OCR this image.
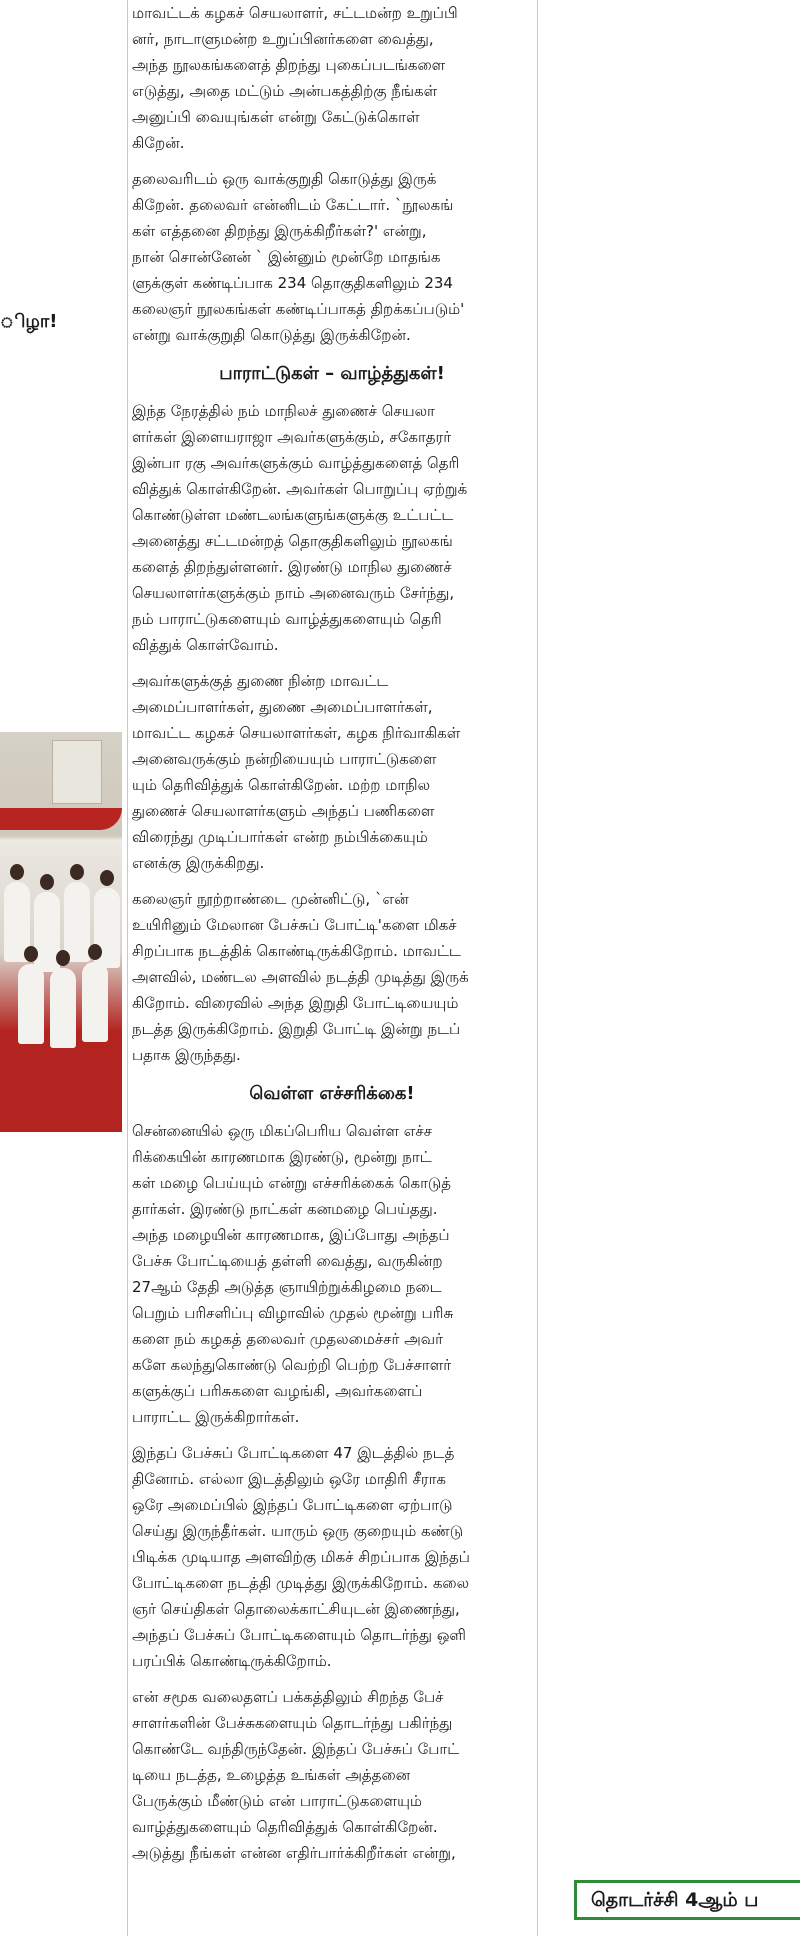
ிழா!
மாவட்டக் கழகச் செயலாளர், சட்டமன்ற உறுப்பி
னர், நாடாளுமன்ற உறுப்பினர்களை வைத்து,
அந்த நூலகங்களைத் திறந்து புகைப்படங்களை
எடுத்து, அதை மட்டும் அன்பகத்திற்கு நீங்கள்
அனுப்பி வையுங்கள் என்று கேட்டுக்கொள்
கிறேன்.
தலைவரிடம் ஒரு வாக்குறுதி கொடுத்து இருக்
கிறேன். தலைவர் என்னிடம் கேட்டார். `நூலகங்
கள் எத்தனை திறந்து இருக்கிறீர்கள்?' என்று,
நான் சொன்னேன் ` இன்னும் மூன்றே மாதங்க
ளுக்குள் கண்டிப்பாக 234 தொகுதிகளிலும் 234
கலைஞர் நூலகங்கள் கண்டிப்பாகத் திறக்கப்படும்'
என்று வாக்குறுதி கொடுத்து இருக்கிறேன்.
பாராட்டுகள் – வாழ்த்துகள்!
இந்த நேரத்தில் நம் மாநிலச் துணைச் செயலா
ளர்கள் இளையராஜா அவர்களுக்கும், சகோதரர்
இன்பா ரகு அவர்களுக்கும் வாழ்த்துகளைத் தெரி
வித்துக் கொள்கிறேன். அவர்கள் பொறுப்பு ஏற்றுக்
கொண்டுள்ள மண்டலங்களுங்களுக்கு உட்பட்ட
அனைத்து சட்டமன்றத் தொகுதிகளிலும் நூலகங்
களைத் திறந்துள்ளனர். இரண்டு மாநில துணைச்
செயலாளர்களுக்கும் நாம் அனைவரும் சேர்ந்து,
நம் பாராட்டுகளையும் வாழ்த்துகளையும் தெரி
வித்துக் கொள்வோம்.
அவர்களுக்குத் துணை நின்ற மாவட்ட
அமைப்பாளர்கள், துணை அமைப்பாளர்கள்,
மாவட்ட கழகச் செயலாளர்கள், கழக நிர்வாகிகள்
அனைவருக்கும் நன்றியையும் பாராட்டுகளை
யும் தெரிவித்துக் கொள்கிறேன். மற்ற மாநில
துணைச் செயலாளர்களும் அந்தப் பணிகளை
விரைந்து முடிப்பார்கள் என்ற நம்பிக்கையும்
எனக்கு இருக்கிறது.
கலைஞர் நூற்றாண்டை முன்னிட்டு, `என்
உயிரினும் மேலான பேச்சுப் போட்டி'களை மிகச்
சிறப்பாக நடத்திக் கொண்டிருக்கிறோம். மாவட்ட
அளவில், மண்டல அளவில் நடத்தி முடித்து இருக்
கிறோம். விரைவில் அந்த இறுதி போட்டியையும்
நடத்த இருக்கிறோம். இறுதி போட்டி இன்று நடப்
பதாக இருந்தது.
வெள்ள எச்சரிக்கை!
சென்னையில் ஒரு மிகப்பெரிய வெள்ள எச்ச
ரிக்கையின் காரணமாக இரண்டு, மூன்று நாட்
கள் மழை பெய்யும் என்று எச்சரிக்கைக் கொடுத்
தார்கள். இரண்டு நாட்கள் கனமழை பெய்தது.
அந்த மழையின் காரணமாக, இப்போது அந்தப்
பேச்சு போட்டியைத் தள்ளி வைத்து, வருகின்ற
27ஆம் தேதி அடுத்த ஞாயிற்றுக்கிழமை நடை
பெறும் பரிசளிப்பு விழாவில் முதல் மூன்று பரிசு
களை நம் கழகத் தலைவர் முதலமைச்சர் அவர்
களே கலந்துகொண்டு வெற்றி பெற்ற பேச்சாளர்
களுக்குப் பரிசுகளை வழங்கி, அவர்களைப்
பாராட்ட இருக்கிறார்கள்.
இந்தப் பேச்சுப் போட்டிகளை 47 இடத்தில் நடத்
தினோம். எல்லா இடத்திலும் ஒரே மாதிரி சீராக
ஒரே அமைப்பில் இந்தப் போட்டிகளை ஏற்பாடு
செய்து இருந்தீர்கள். யாரும் ஒரு குறையும் கண்டு
பிடிக்க முடியாத அளவிற்கு மிகச் சிறப்பாக இந்தப்
போட்டிகளை நடத்தி முடித்து இருக்கிறோம். கலை
ஞர் செய்திகள் தொலைக்காட்சியுடன் இணைந்து,
அந்தப் பேச்சுப் போட்டிகளையும் தொடர்ந்து ஒளி
பரப்பிக் கொண்டிருக்கிறோம்.
என் சமூக வலைதளப் பக்கத்திலும் சிறந்த பேச்
சாளர்களின் பேச்சுகளையும் தொடர்ந்து பகிர்ந்து
கொண்டே வந்திருந்தேன். இந்தப் பேச்சுப் போட்
டியை நடத்த, உழைத்த உங்கள் அத்தனை
பேருக்கும் மீண்டும் என் பாராட்டுகளையும்
வாழ்த்துகளையும் தெரிவித்துக் கொள்கிறேன்.
அடுத்து நீங்கள் என்ன எதிர்பார்க்கிறீர்கள் என்று,
தொடர்ச்சி 4ஆம் ப
